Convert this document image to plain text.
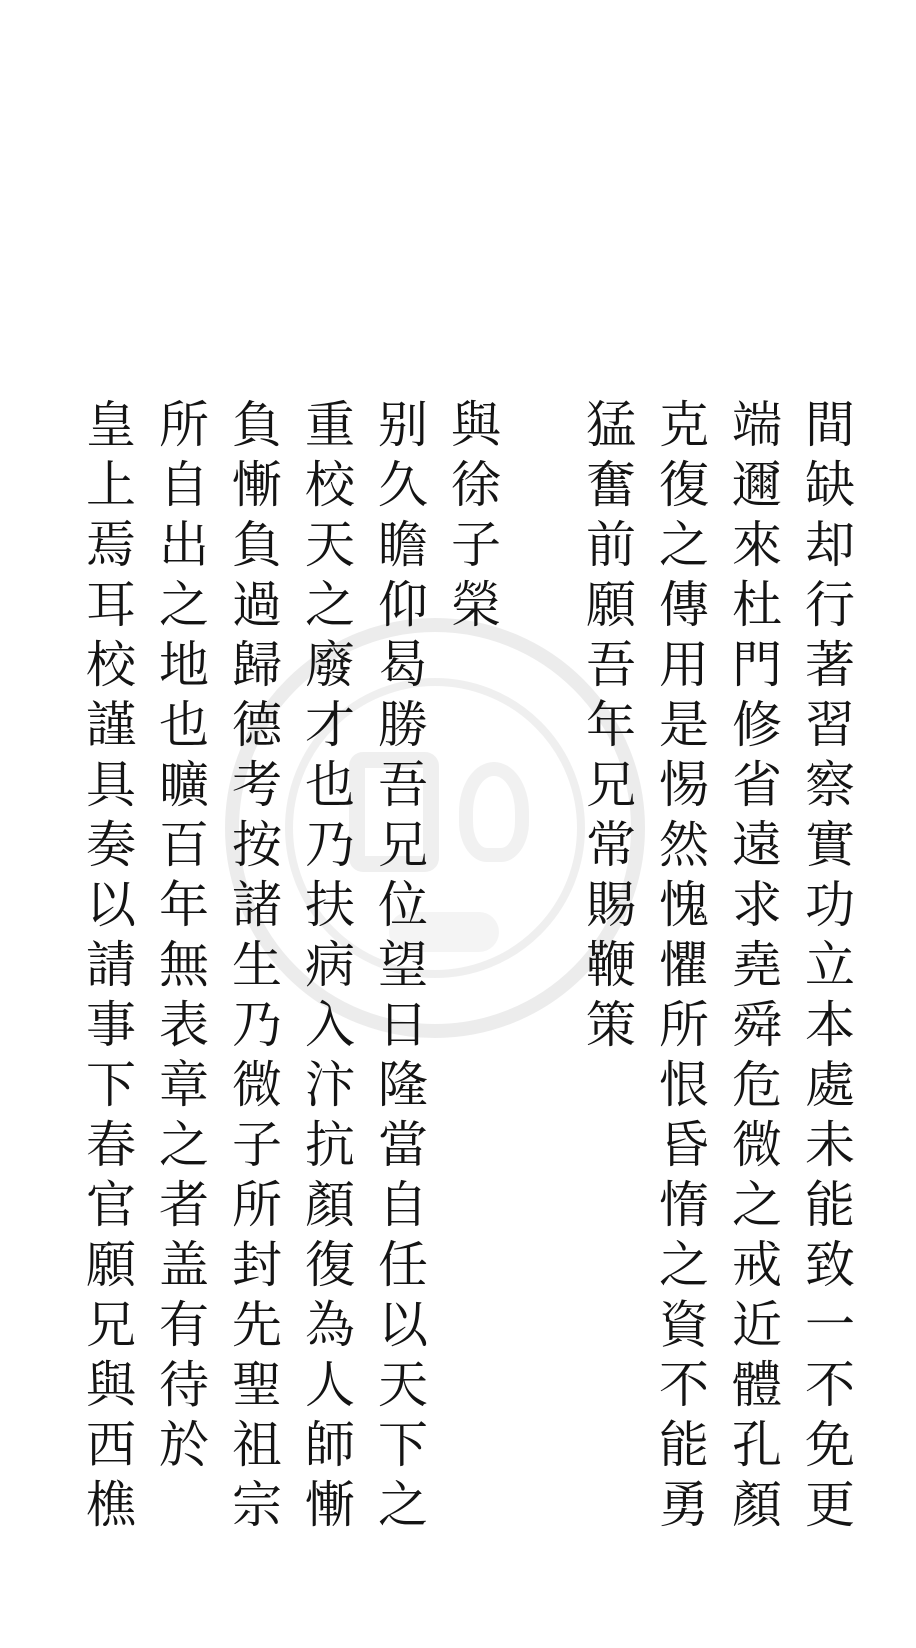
間缺却行著習察實功立本處未能致一不免更
端邇來杜門修省遠求堯舜危微之戒近體孔顏
克復之傳用是惕然愧懼所恨昏惰之資不能勇
猛奮前願吾年兄常賜鞭策
與徐子榮
别久瞻仰曷勝吾兄位望日隆當自任以天下之
重校天之廢才也乃扶病入汴抗顏復為人師慚
負慚負過歸德考按諸生乃微子所封先聖祖宗
所自出之地也曠百年無表章之者盖有待於
皇上焉耳校謹具奏以請事下春官願兄與西樵
